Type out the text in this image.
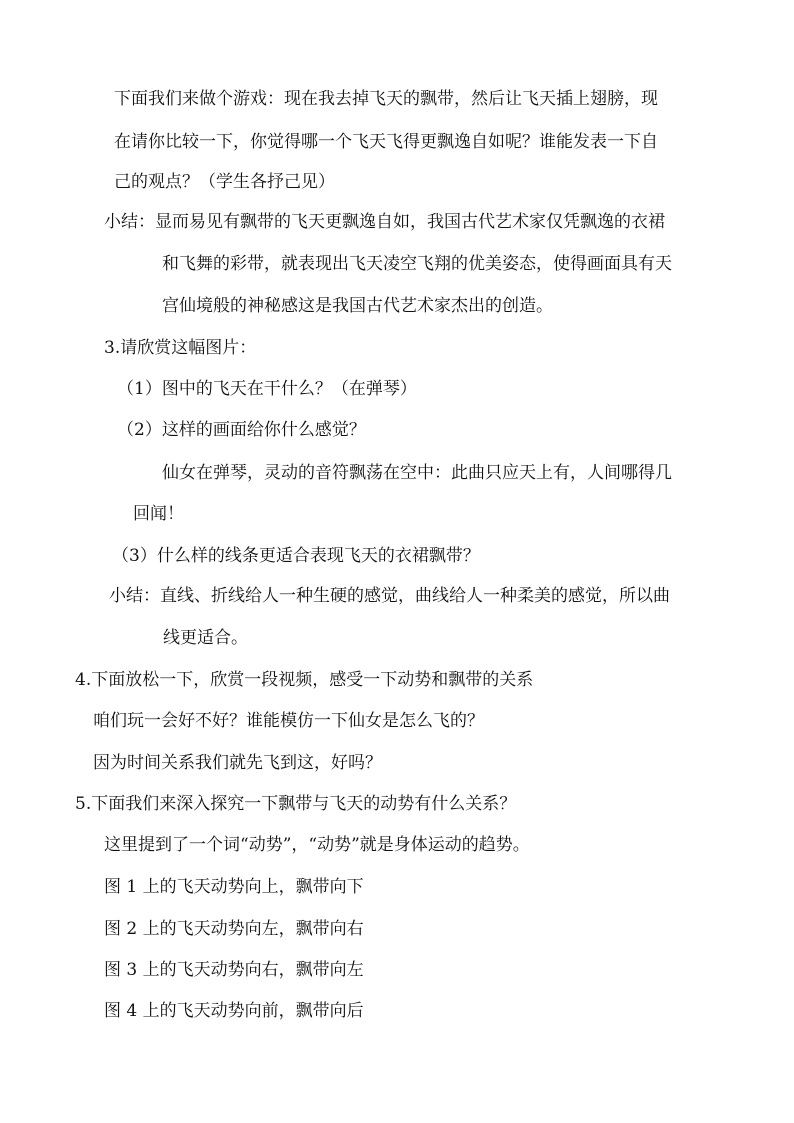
下面我们来做个游戏：现在我去掉飞天的飘带，然后让飞天插上翅膀，现
在请你比较一下，你觉得哪一个飞天飞得更飘逸自如呢？谁能发表一下自
己的观点？（学生各抒己见）
小结：显而易见有飘带的飞天更飘逸自如，我国古代艺术家仅凭飘逸的衣裙
和飞舞的彩带，就表现出飞天凌空飞翔的优美姿态，使得画面具有天
宫仙境般的神秘感这是我国古代艺术家杰出的创造。
3.请欣赏这幅图片：
（1）图中的飞天在干什么？（在弹琴）
（2）这样的画面给你什么感觉？
仙女在弹琴，灵动的音符飘荡在空中：此曲只应天上有，人间哪得几
回闻！
（3）什么样的线条更适合表现飞天的衣裙飘带？
小结：直线、折线给人一种生硬的感觉，曲线给人一种柔美的感觉，所以曲
线更适合。
4.下面放松一下，欣赏一段视频，感受一下动势和飘带的关系
咱们玩一会好不好？谁能模仿一下仙女是怎么飞的？
因为时间关系我们就先飞到这，好吗？
5.下面我们来深入探究一下飘带与飞天的动势有什么关系？
这里提到了一个词“动势”，“动势”就是身体运动的趋势。
图 1 上的飞天动势向上，飘带向下
图 2 上的飞天动势向左，飘带向右
图 3 上的飞天动势向右，飘带向左
图 4 上的飞天动势向前，飘带向后
